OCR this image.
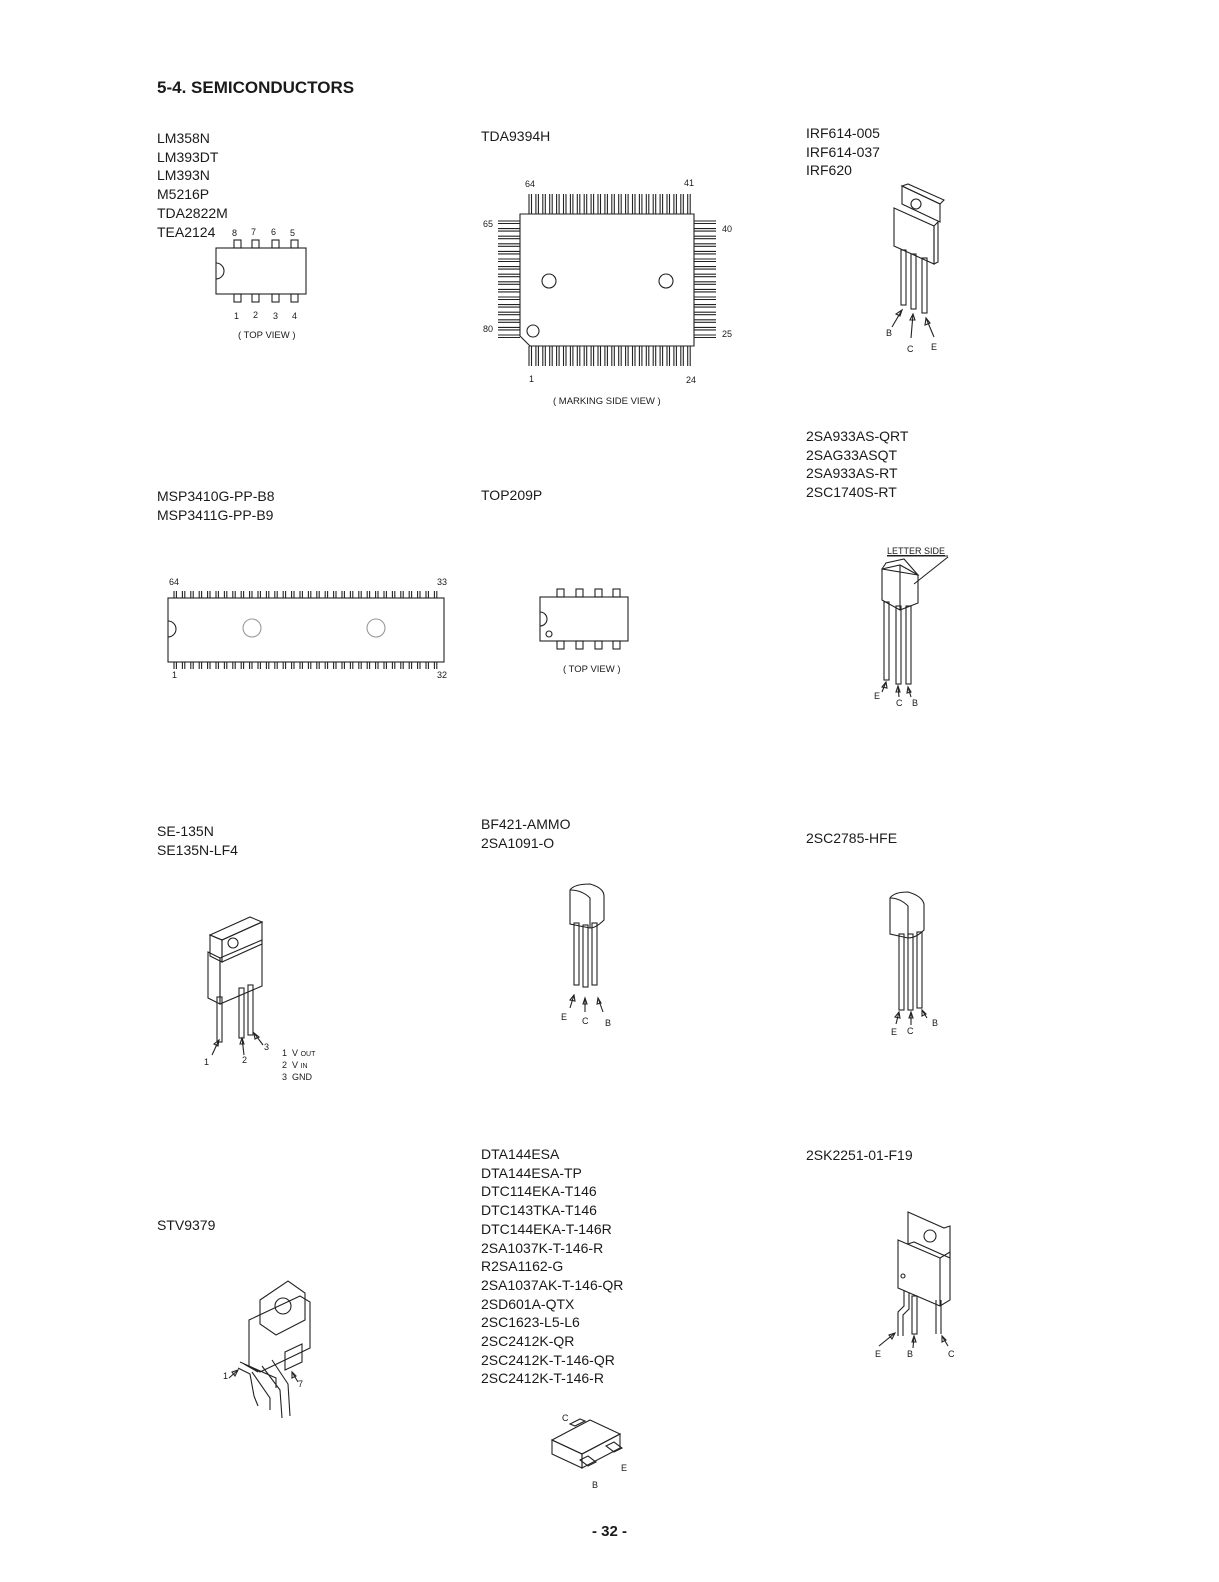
5-4. SEMICONDUCTORS
LM358N
LM393DT
LM393N
M5216P
TDA2822M
TEA2124	8 7 6 5
1 2 3 4
( TOP VIEW )
TDA9394H
64	41
65	40
80	25
1	24
( MARKING SIDE VIEW )
IRF614-005
IRF614-037
IRF620
B
C E
2SA933AS-QRT
2SAG33ASQT
2SA933AS-RT
2SC1740S-RT
LETTER SIDE
E
C B
MSP3410G-PP-B8
MSP3411G-PP-B9
64	33
1	32
TOP209P
( TOP VIEW )
SE-135N
SE135N-LF4
1	2
3
1 V OUT
2 V IN
3 GND
BF421-AMMO
2SA1091-O
E C B
2SC2785-HFE
E C
B
STV9379
1
7
DTA144ESA
DTA144ESA-TP
DTC114EKA-T146
DTC143TKA-T146
DTC144EKA-T-146R
2SA1037K-T-146-R
R2SA1162-G
2SA1037AK-T-146-QR
2SD601A-QTX
2SC1623-L5-L6
2SC2412K-QR
2SC2412K-T-146-QR
2SC2412K-T-146-R
C
E
B
2SK2251-01-F19
E	B	C
- 32 -
